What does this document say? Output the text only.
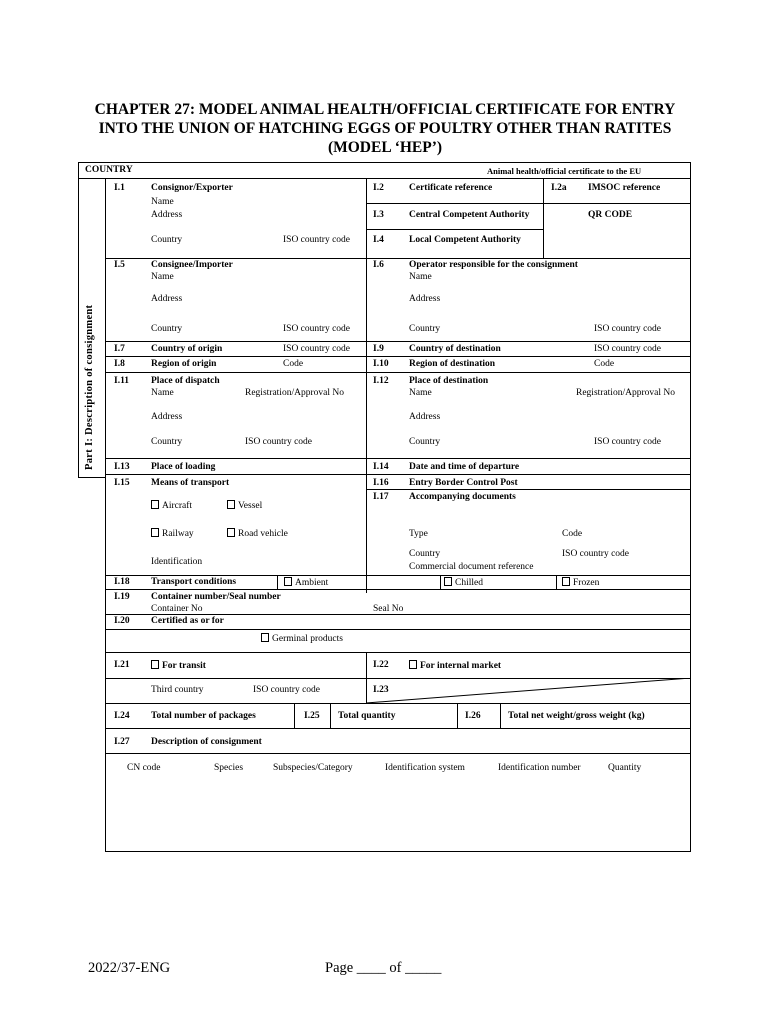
CHAPTER 27: MODEL ANIMAL HEALTH/OFFICIAL CERTIFICATE FOR ENTRY
INTO THE UNION OF HATCHING EGGS OF POULTRY OTHER THAN RATITES
(MODEL ‘HEP’)
Part I: Description of consignment
COUNTRY	Animal health/official certificate to the EU
I.1	Consignor/Exporter
Name
Address
Country	ISO country code
I.2	Certificate reference	I.2a IMSOC reference
I.3	Central Competent Authority	QR CODE
I.4	Local Competent Authority
I.5	Consignee/Importer
Name
Address
Country	ISO country code
I.6	Operator responsible for the consignment
Name
Address
Country	ISO country code
I.7	Country of origin	ISO country code I.9	Country of destination	ISO country code
I.8	Region of origin	Code	I.10 Region of destination	Code
I.11 Place of dispatch
Name	Registration/Approval No
Address
Country	ISO country code
I.12 Place of destination
Name	Registration/Approval No
Address
Country	ISO country code
I.13 Place of loading	I.14 Date and time of departure
I.15 Means of transport
Aircraft	Vessel
Railway	Road vehicle
Identification
I.16 Entry Border Control Post
I.17 Accompanying documents
Type	Code
Country	ISO country code
Commercial document reference
I.18 Transport conditions	Ambient	Chilled	Frozen
I.19 Container number/Seal number
Container No	Seal No
I.20 Certified as or for
Germinal products
I.21	For transit
Third country	ISO country code
I.22	For internal market
I.23
I.24 Total number of packages	I.25 Total quantity	I.26	Total net weight/gross weight (kg)
I.27 Description of consignment
CN code	Species	Subspecies/Category	Identification system	Identification number	Quantity
2022/37-ENG	Page ____ of _____
